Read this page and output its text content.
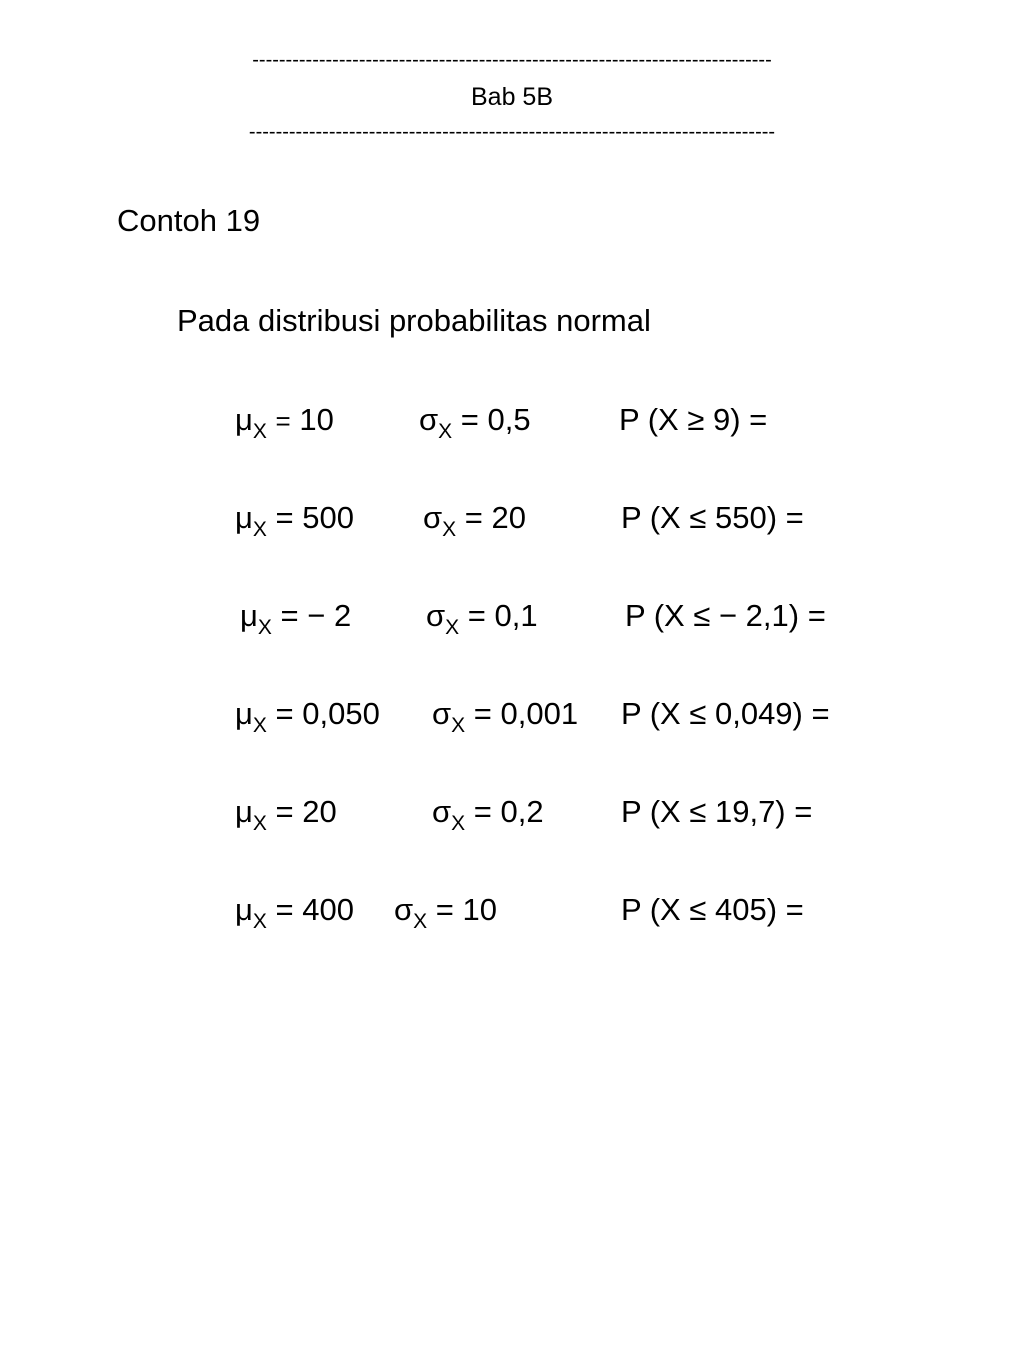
------------------------------------------------------------------------------
Bab 5B
-------------------------------------------------------------------------------
Contoh 19
Pada distribusi probabilitas normal
$\mu_X = 10$	$\sigma_X = 0,5$	P (X ≥ 9) =
$\mu_X = 500$ $\sigma_X = 20$	P (X ≤ 550) =
$\mu_X$ = − 2 $\sigma_X = 0,1$	P (X ≤ − 2,1) =
$\mu_X = 0,050$ $\sigma_X = 0,001$ P (X ≤ 0,049) =
$\mu_X = 20$	$\sigma_X = 0,2$ P (X ≤ 19,7) =
$\mu_X = 400$ $\sigma_X = 10$	P (X ≤ 405) =
